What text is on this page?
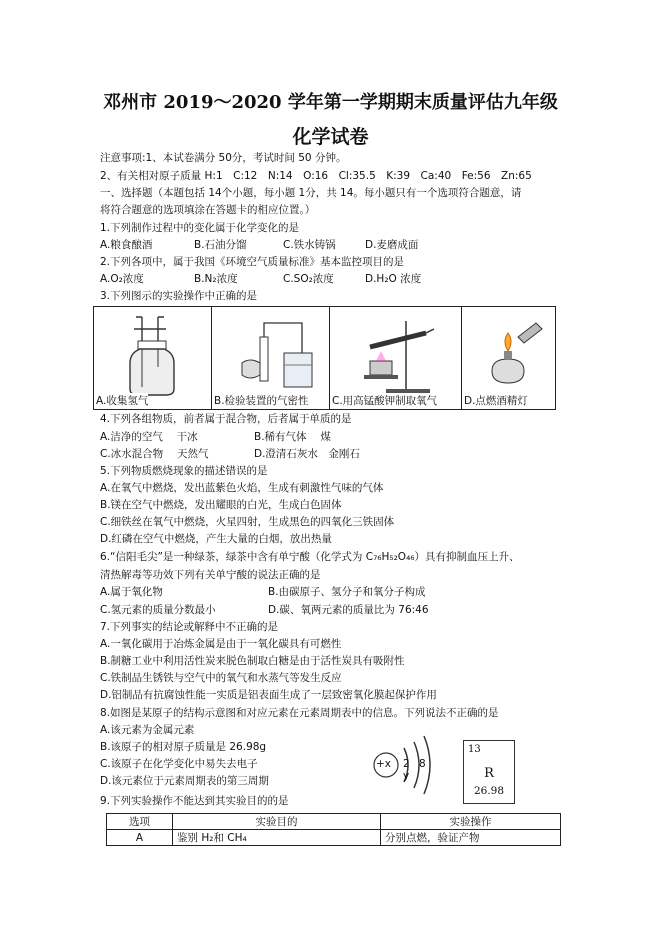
邓州市 2019～2020 学年第一学期期末质量评估九年级
化学试卷
注意事项:1、本试卷满分 50分，考试时间 50 分钟。
2、有关相对原子质量 H:1　C:12　N:14　O:16　Cl:35.5　K:39　Ca:40　Fe:56　Zn:65
一、选择题（本题包括 14个小题，每小题 1分，共 14。每小题只有一个选项符合题意，请
将符合题意的选项填涂在答题卡的相应位置。）
1.下列制作过程中的变化属于化学变化的是
A.粮食酿酒	B.石油分馏	C.铁水铸锅	D.麦磨成面
2.下列各项中，属于我国《环境空气质量标准》基本监控项目的是
A.O₂浓度	B.N₂浓度	C.SO₂浓度	D.H₂O 浓度
3.下列图示的实验操作中正确的是
A.收集氢气	B.检验装置的气密性	C.用高锰酸钾制取氧气	D.点燃酒精灯
4.下列各组物质，前者属于混合物，后者属于单质的是
A.洁净的空气　 干冰	B.稀有气体　 煤
C.冰水混合物　 天然气	D.澄清石灰水　金刚石
5.下列物质燃烧现象的描述错误的是
A.在氧气中燃烧，发出蓝紫色火焰，生成有刺激性气味的气体
B.镁在空气中燃烧，发出耀眼的白光，生成白色固体
C.细铁丝在氧气中燃烧，火星四射，生成黑色的四氧化三铁固体
D.红磷在空气中燃烧，产生大量的白烟，放出热量
6.“信阳毛尖”是一种绿茶，绿茶中含有单宁酸（化学式为 C₇₆H₅₂O₄₆）具有抑制血压上升、
清热解毒等功效下列有关单宁酸的说法正确的是
A.属于氧化物	B.由碳原子、氢分子和氧分子构成
C.氢元素的质量分数最小	D.碳、氧两元素的质量比为 76:46
7.下列事实的结论或解释中不正确的是
A.一氧化碳用于冶炼金属是由于一氧化碳具有可燃性
B.制糖工业中利用活性炭来脱色制取白糖是由于活性炭具有吸附性
C.铁制品生锈铁与空气中的氧气和水蒸气等发生反应
D.铝制品有抗腐蚀性能一实质是铝表面生成了一层致密氧化膜起保护作用
8.如图是某原子的结构示意图和对应元素在元素周期表中的信息。下列说法不正确的是
A.该元素为金属元素
B.该原子的相对原子质量是 26.98g
C.该原子在化学变化中易失去电子
D.该元素位于元素周期表的第三周期
+x 2 8 y
13
R
26.98
9.下列实验操作不能达到其实验目的的是
选项	实验目的	实验操作
A	鉴别 H₂和 CH₄	分别点燃，验证产物
